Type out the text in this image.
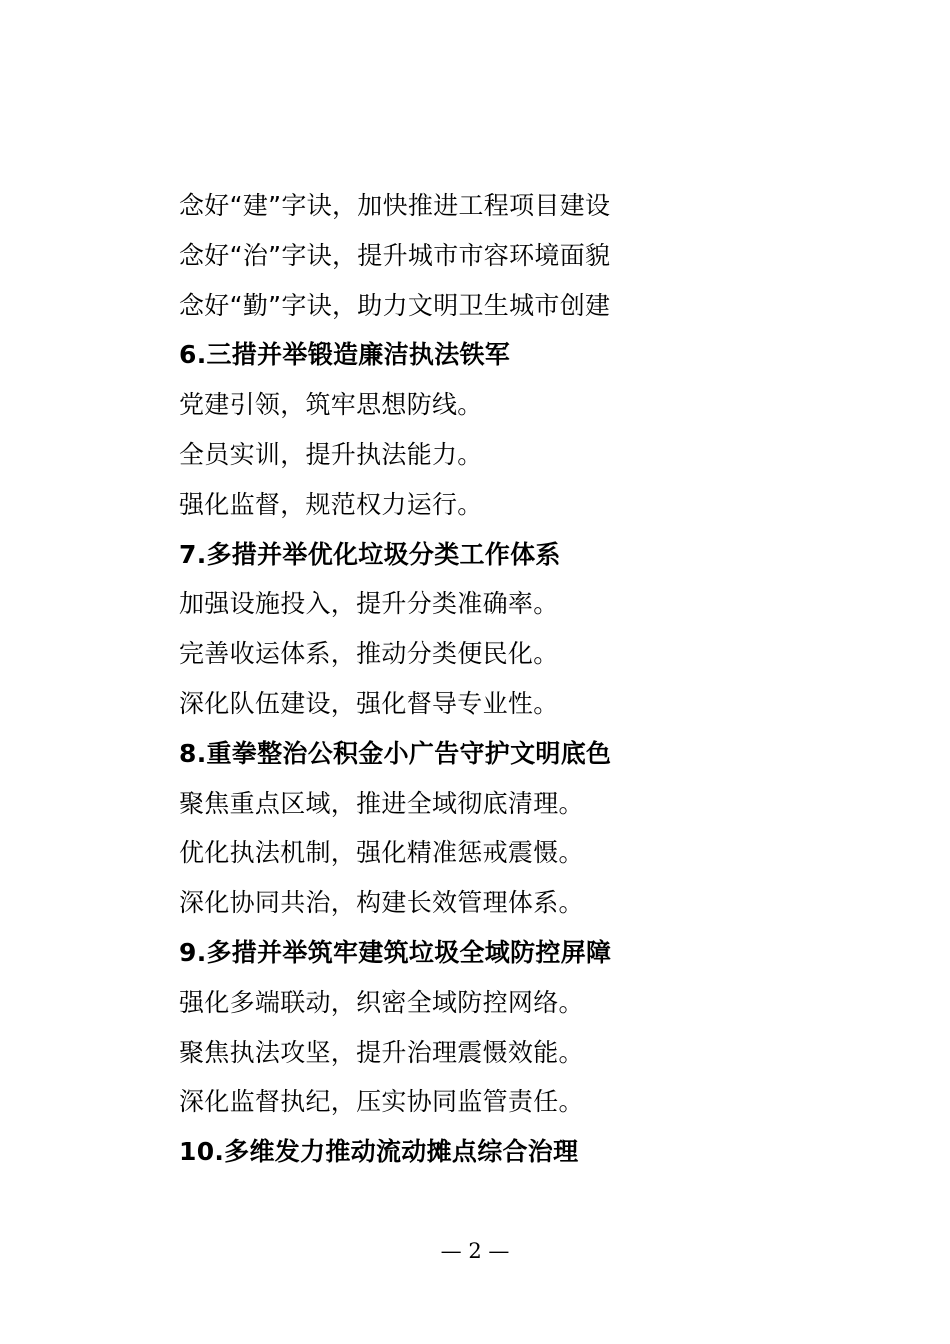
念好“建”字诀，加快推进工程项目建设
念好“治”字诀，提升城市市容环境面貌
念好“勤”字诀，助力文明卫生城市创建
6.三措并举锻造廉洁执法铁军
党建引领，筑牢思想防线。
全员实训，提升执法能力。
强化监督，规范权力运行。
7.多措并举优化垃圾分类工作体系
加强设施投入，提升分类准确率。
完善收运体系，推动分类便民化。
深化队伍建设，强化督导专业性。
8.重拳整治公积金小广告守护文明底色
聚焦重点区域，推进全域彻底清理。
优化执法机制，强化精准惩戒震慑。
深化协同共治，构建长效管理体系。
9.多措并举筑牢建筑垃圾全域防控屏障
强化多端联动，织密全域防控网络。
聚焦执法攻坚，提升治理震慑效能。
深化监督执纪，压实协同监管责任。
10.多维发力推动流动摊点综合治理
— 2 —
